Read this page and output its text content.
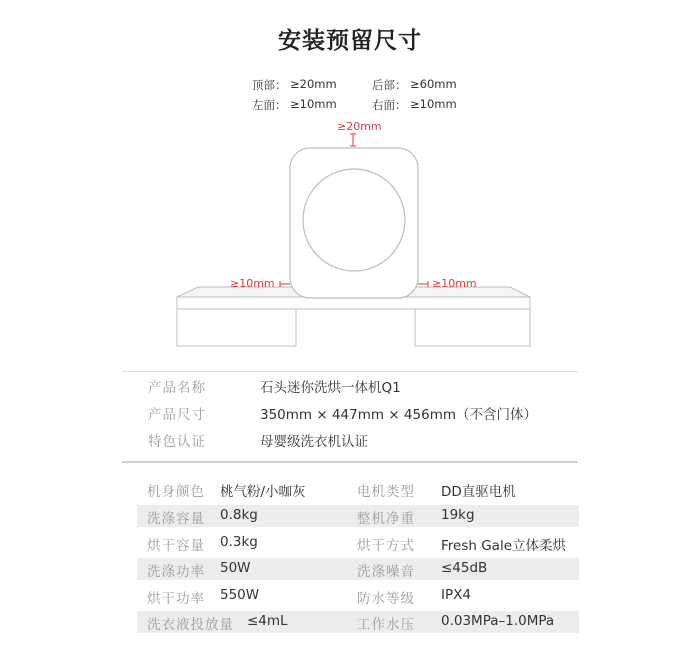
安装预留尺寸
顶部： ≥20mm	后部： ≥60mm
左面： ≥10mm	右面： ≥10mm
≥20mm
≥10mm	≥10mm
产品名称	石头迷你洗烘一体机Q1
产品尺寸	350mm × 447mm × 456mm（不含门体）
特色认证	母婴级洗衣机认证
机身颜色 桃气粉/小咖灰	电机类型 DD直驱电机
洗涤容量 0.8kg	整机净重 19kg
烘干容量 0.3kg	烘干方式 Fresh Gale立体柔烘
洗涤功率 50W	洗涤噪音 ≤45dB
烘干功率 550W	防水等级 IPX4
洗衣液投放量 ≤4mL	工作水压 0.03MPa–1.0MPa
